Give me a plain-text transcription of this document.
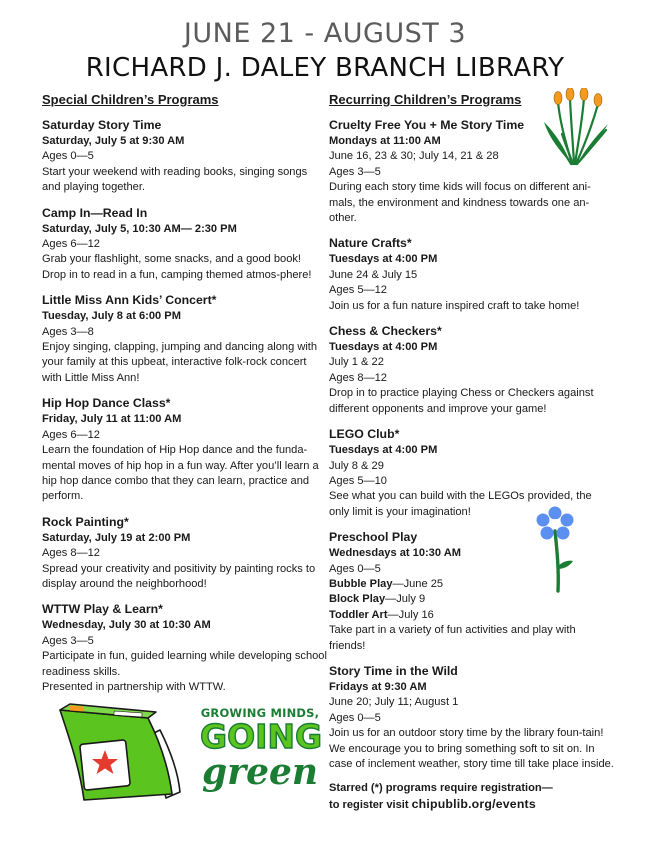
JUNE 21 - AUGUST 3
RICHARD J. DALEY BRANCH LIBRARY
Special Children’s Programs
Saturday Story Time
Saturday, July 5 at 9:30 AM
Ages 0—5
Start your weekend with reading books, singing songs and playing together.
Camp In—Read In
Saturday, July 5, 10:30 AM— 2:30 PM
Ages 6—12
Grab your flashlight, some snacks, and a good book! Drop in to read in a fun, camping themed atmos-phere!
Little Miss Ann Kids’ Concert*
Tuesday, July 8 at 6:00 PM
Ages 3—8
Enjoy singing, clapping, jumping and dancing along with your family at this upbeat, interactive folk-rock concert with Little Miss Ann!
Hip Hop Dance Class*
Friday, July 11 at 11:00 AM
Ages 6—12
Learn the foundation of Hip Hop dance and the funda-mental moves of hip hop in a fun way. After you’ll learn a hip hop dance combo that they can learn, practice and perform.
Rock Painting*
Saturday, July 19 at 2:00 PM
Ages 8—12
Spread your creativity and positivity by painting rocks to display around the neighborhood!
WTTW Play & Learn*
Wednesday, July 30 at 10:30 AM
Ages 3—5
Participate in fun, guided learning while developing school readiness skills.
Presented in partnership with WTTW.
Recurring Children’s Programs
Cruelty Free You + Me Story Time
Mondays at 11:00 AM
June 16, 23 & 30; July 14, 21 & 28
Ages 3—5
During each story time kids will focus on different ani-mals, the environment and kindness towards one an-other.
Nature Crafts*
Tuesdays at 4:00 PM
June 24 & July 15
Ages 5—12
Join us for a fun nature inspired craft to take home!
Chess & Checkers*
Tuesdays at 4:00 PM
July 1 & 22
Ages 8—12
Drop in to practice playing Chess or Checkers against different opponents and improve your game!
LEGO Club*
Tuesdays at 4:00 PM
July 8 & 29
Ages 5—10
See what you can build with the LEGOs provided, the only limit is your imagination!
Preschool Play
Wednesdays at 10:30 AM
Ages 0—5
Bubble Play—June 25
Block Play—July 9
Toddler Art—July 16
Take part in a variety of fun activities and play with friends!
Story Time in the Wild
Fridays at 9:30 AM
June 20; July 11; August 1
Ages 0—5
Join us for an outdoor story time by the library foun-tain! We encourage you to bring something soft to sit on. In case of inclement weather, story time till take place inside.
Starred (*) programs require registration—
to register visit chipublib.org/events
GROWING MINDS,
GOING
green
